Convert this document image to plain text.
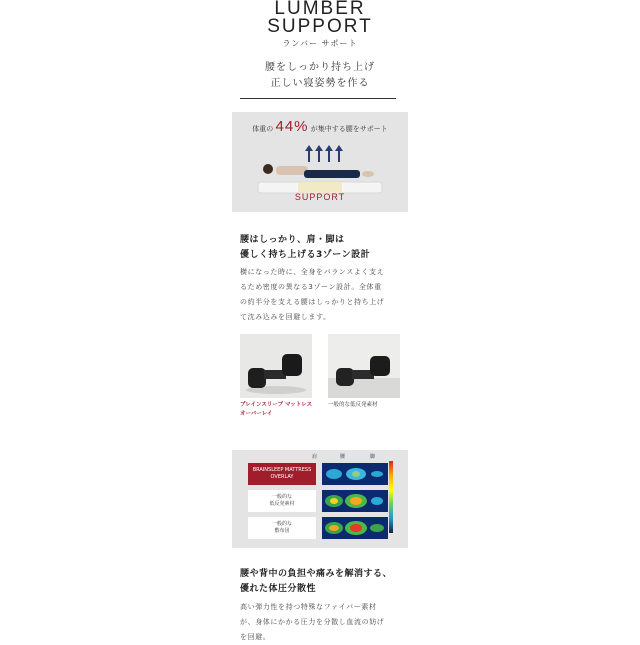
LUMBER
SUPPORT
ランバー サポート
腰をしっかり持ち上げ
正しい寝姿勢を作る
体重の 44% が集中する腰をサポート
SUPPORT
腰はしっかり、肩・脚は
優しく持ち上げる3ゾーン設計
横になった時に、全身をバランスよく支え
るため密度の異なる3ゾーン設計。全体重
の約半分を支える腰はしっかりと持ち上げ
て沈み込みを回避します。
ブレインスリープ マットレス
オーバーレイ
一般的な低反発素材
肩	腰	脚
BRAINSLEEP MATTRESS OVERLAY
一般的な
低反発素材
一般的な
敷布団
腰や背中の負担や痛みを解消する、
優れた体圧分散性
高い弾力性を持つ特殊なファイバー素材
が、身体にかかる圧力を分散し血流の妨げ
を回避。
